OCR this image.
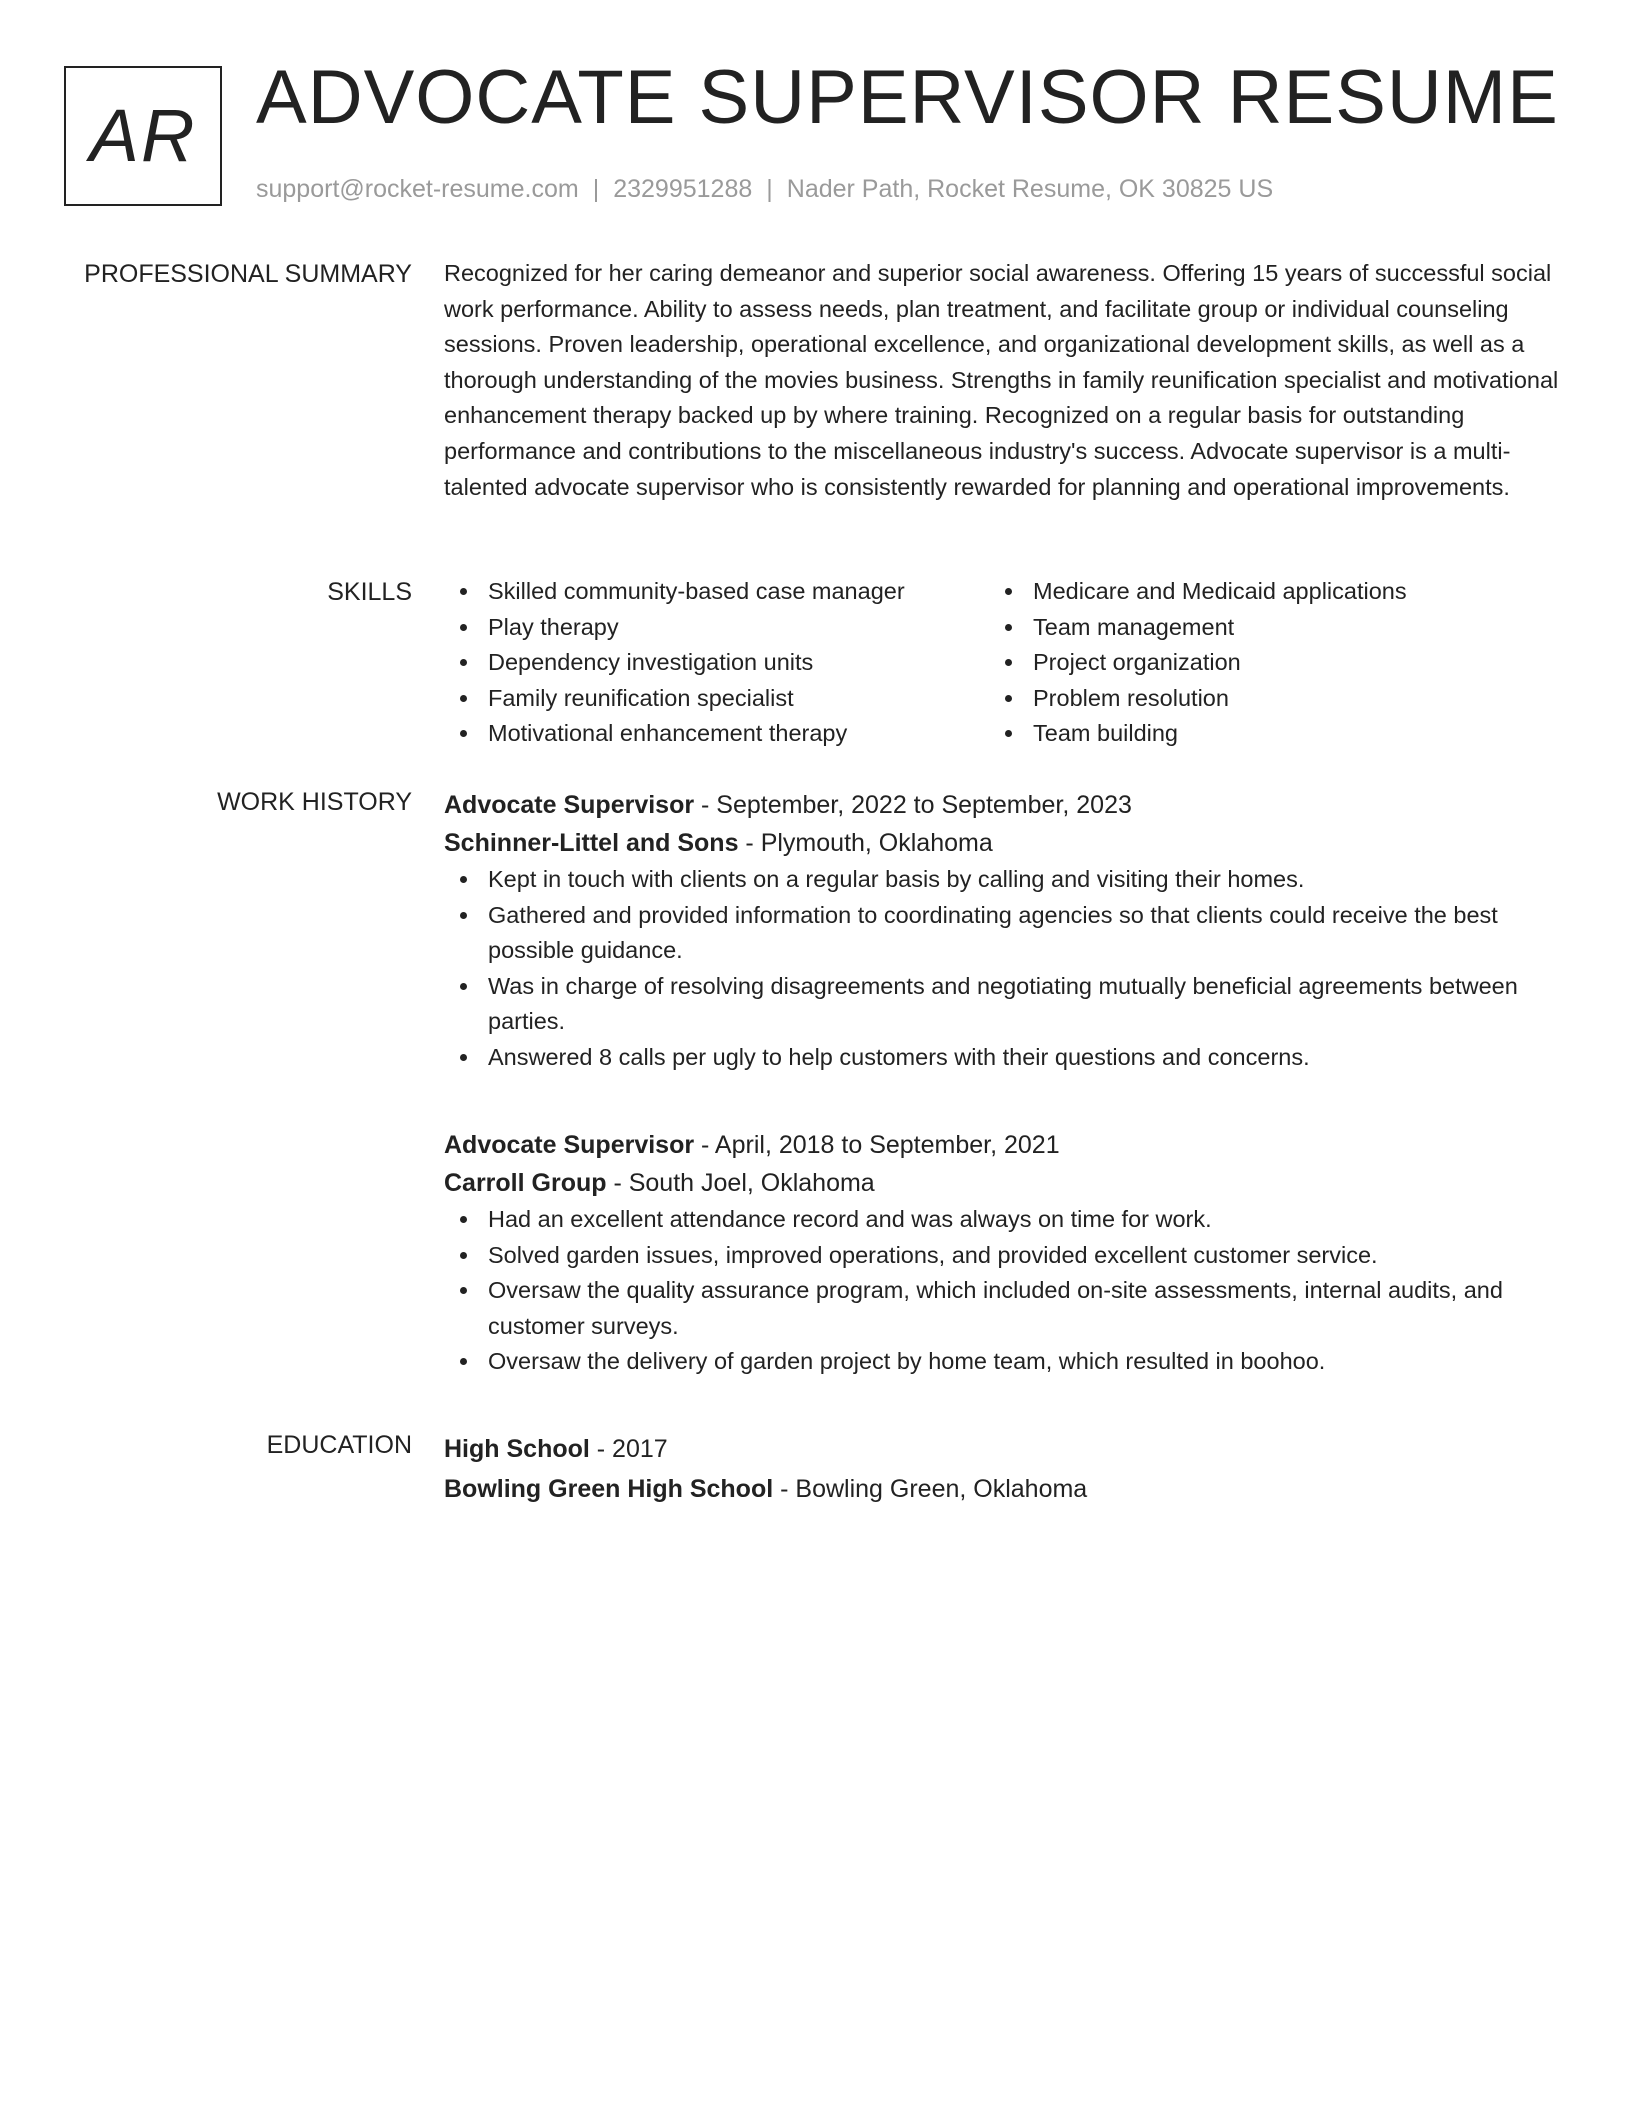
AR ADVOCATE SUPERVISOR RESUME
support@rocket-resume.com | 2329951288 | Nader Path, Rocket Resume, OK 30825 US
PROFESSIONAL SUMMARY Recognized for her caring demeanor and superior social awareness. Offering 15 years of successful social work performance. Ability to assess needs, plan treatment, and facilitate group or individual counseling sessions. Proven leadership, operational excellence, and organizational development skills, as well as a thorough understanding of the movies business. Strengths in family reunification specialist and motivational enhancement therapy backed up by where training. Recognized on a regular basis for outstanding performance and contributions to the miscellaneous industry's success. Advocate supervisor is a multi-talented advocate supervisor who is consistently rewarded for planning and operational improvements.

SKILLS	Skilled community-based case manager
Play therapy
Dependency investigation units
Family reunification specialist
Motivational enhancement therapy
Medicare and Medicaid applications
Team management
Project organization
Problem resolution
Team building
WORK HISTORY Advocate Supervisor - September, 2022 to September, 2023
Schinner-Littel and Sons - Plymouth, Oklahoma
Kept in touch with clients on a regular basis by calling and visiting their homes.
Gathered and provided information to coordinating agencies so that clients could receive the best possible guidance.
Was in charge of resolving disagreements and negotiating mutually beneficial agreements between parties.
Answered 8 calls per ugly to help customers with their questions and concerns.
Advocate Supervisor - April, 2018 to September, 2021
Carroll Group - South Joel, Oklahoma
Had an excellent attendance record and was always on time for work.
Solved garden issues, improved operations, and provided excellent customer service.
Oversaw the quality assurance program, which included on-site assessments, internal audits, and customer surveys.
Oversaw the delivery of garden project by home team, which resulted in boohoo.
EDUCATION High School - 2017
Bowling Green High School - Bowling Green, Oklahoma
